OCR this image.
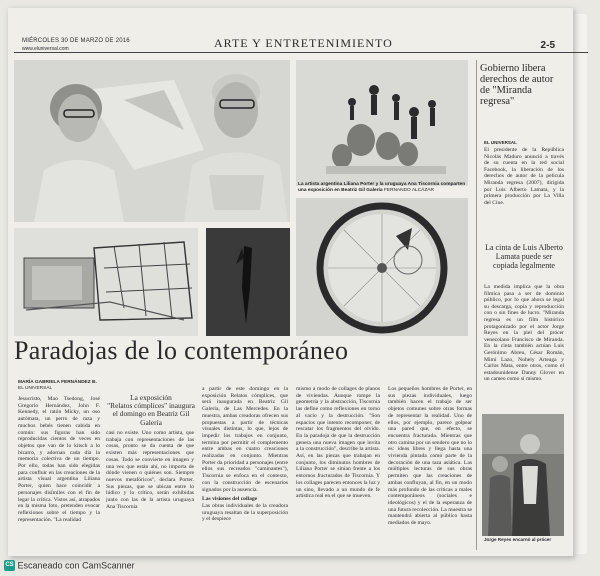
MIÉRCOLES 30 DE MARZO DE 2016
www.eluniversal.com	ARTE Y ENTRETENIMIENTO	2-5
La artista argentina Liliana Porter y la uruguaya Ana Tiscornia comparten una exposición en Beatriz Gil Galería FERNANDO ALCÁZAR
Paradojas de lo contemporáneo
MARÍA GABRIELA FERNÁNDEZ B.
EL UNIVERSAL
La exposición
"Relatos cómplices" inaugura el domingo en Beatriz Gil Galería
Jesucristo, Mao Tsedong, José Gregorio Hernández, John F. Kennedy, el ratón Micky, un oso autómata, un perro de raza y muchos bebés tienen cabida en común: sus figuras han sido reproducidas cientos de veces en objetos que van de lo kitsch a lo bizarro, y adornan cada día la memoria colectiva de un tiempo. Por ello, todas han sido elegidas para confluir en las creaciones de la artista visual argentina Liliana Porter, quien hace coincidir a personajes disímiles con el fin de legar la crítica. Vistos así, atrapados en la misma foto, pretenden evocar reflexiones sobre el tiempo y la representación. "La realidad
casi no existe. Uno como artista, que trabaja con representaciones de las cosas, pronto se da cuenta de que existen más representaciones que cosas. Todo se convierte en imagen y una vez que están ahí, no importa de dónde vienen o quiénes son. Siempre nuevos metafóricos", declara Porter. Sus piezas, que se ubican entre lo lúdico y lo crítico, serán exhibidas junto con las de la artista uruguaya Ana Tiscornia
a partir de este domingo en la exposición Relatos cómplices, que será inaugurada en Beatriz Gil Galería, de Las Mercedes. En la muestra, ambas creadoras ofrecen sus propuestas a partir de técnicas visuales distintas, lo que, lejos de impedir los trabajos en conjunto, termina por permitir el complemento entre ambas en cuatro creaciones realizadas en conjunto. Mientras Porter da prioridad a personajes (entre ellos sus recreados "caminantes"), Tiscornia se enfoca en el contexto, con la construcción de escenarios signados por la ausencia.
Las visiones del collage
Las obras individuales de la creadora uruguaya resaltan de la superposición y el despiece
mismo a modo de collages de planos de viviendas. Aunque rompe la geometría y la abstracción, Tiscornia las define como reflexiones en torno al vacío y la destrucción. "Son espacios que intento recomponer, de rescatar los fragmentos del olvido. En la paradoja de que la destrucción genera una nueva imagen que invita a la construcción", describe la artista. Así, en las piezas que trabajan en conjunto, los diminutos hombres de Liliana Porter se sitúan frente a los entornos fracturados de Tiscornia. Y los collages parecen entonces la luz y un sino, llevado a un mundo de fe artística real en el que se mueven.
Los pequeños hombres de Porter, en sus piezas individuales, luego también hacen el trabajo de ser objetos comunes sobre otras formas de representar la realidad. Uno de ellos, por ejemplo, parece golpear una pared que, en efecto, se encuentra fracturada. Mientras que otro camina por un sendero que no lo es: ideas libres y llega hasta una vivienda pintada como parte de la decoración de una taza asiática. Las múltiples lecturas de sus obras permiten que las creaciones de ambas confluyan, al fin, en un modo más profundo de las críticas a males contemporáneos (sociales e ideológicos) y el de la esperanza de una futura recolección. La muestra se mantendrá abierta al público hasta mediados de mayo.
Gobierno libera derechos de autor de "Miranda regresa"
EL UNIVERSAL
El presidente de la República Nicolás Maduro anunció a través de su cuenta en la red social Facebook, la liberación de los derechos de autor de la película Miranda regresa (2007), dirigida por Luis Alberto Lamata, y la primera producción por La Villa del Cine.
La cinta de Luis Alberto Lamata puede ser copiada legalmente
La medida implica que la obra fílmica pasa a ser de dominio público, por lo que ahora se legal su descarga, copia y reproducción con o sin fines de lucro. "Miranda regresa es un film histórico protagonizado por el actor Jorge Reyes en la piel del prócer venezolano Francisco de Miranda. En la cinta también actúan Luis Gerónimo Abreu, César Román, Mimí Lazo, Nohely Arteaga y Carlos Mata, entre otros, como el estadounidense Danny Glover en un cameo como sí mismo.
Jorge Reyes encarnó al prócer
CS Escaneado con CamScanner
